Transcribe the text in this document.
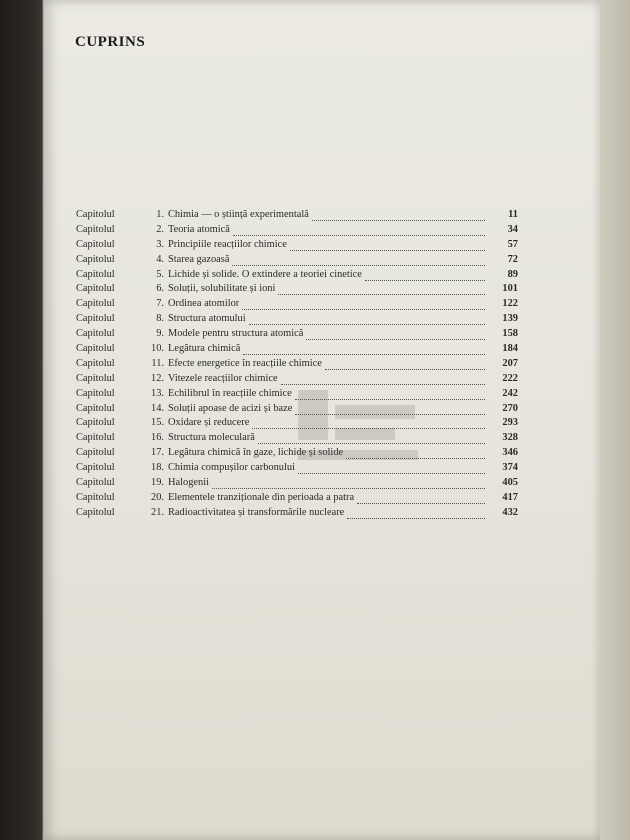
CUPRINS
Capitolul	1. Chimia — o știință experimentală	11
Capitolul	2. Teoria atomică	34
Capitolul	3. Principiile reacțiilor chimice	57
Capitolul	4. Starea gazoasă	72
Capitolul	5. Lichide și solide. O extindere a teoriei cinetice	89
Capitolul	6. Soluții, solubilitate și ioni	101
Capitolul	7. Ordinea atomilor	122
Capitolul	8. Structura atomului	139
Capitolul	9. Modele pentru structura atomică	158
Capitolul	10. Legătura chimică	184
Capitolul	11. Efecte energetice în reacțiile chimice	207
Capitolul	12. Vitezele reacțiilor chimice	222
Capitolul	13. Echilibrul în reacțiile chimice	242
Capitolul	14. Soluții apoase de acizi și baze	270
Capitolul	15. Oxidare și reducere	293
Capitolul	16. Structura moleculară	328
Capitolul	17. Legătura chimică în gaze, lichide și solide	346
Capitolul	18. Chimia compușilor carbonului	374
Capitolul	19. Halogenii	405
Capitolul	20. Elementele tranziționale din perioada a patra	417
Capitolul	21. Radioactivitatea și transformările nucleare	432
